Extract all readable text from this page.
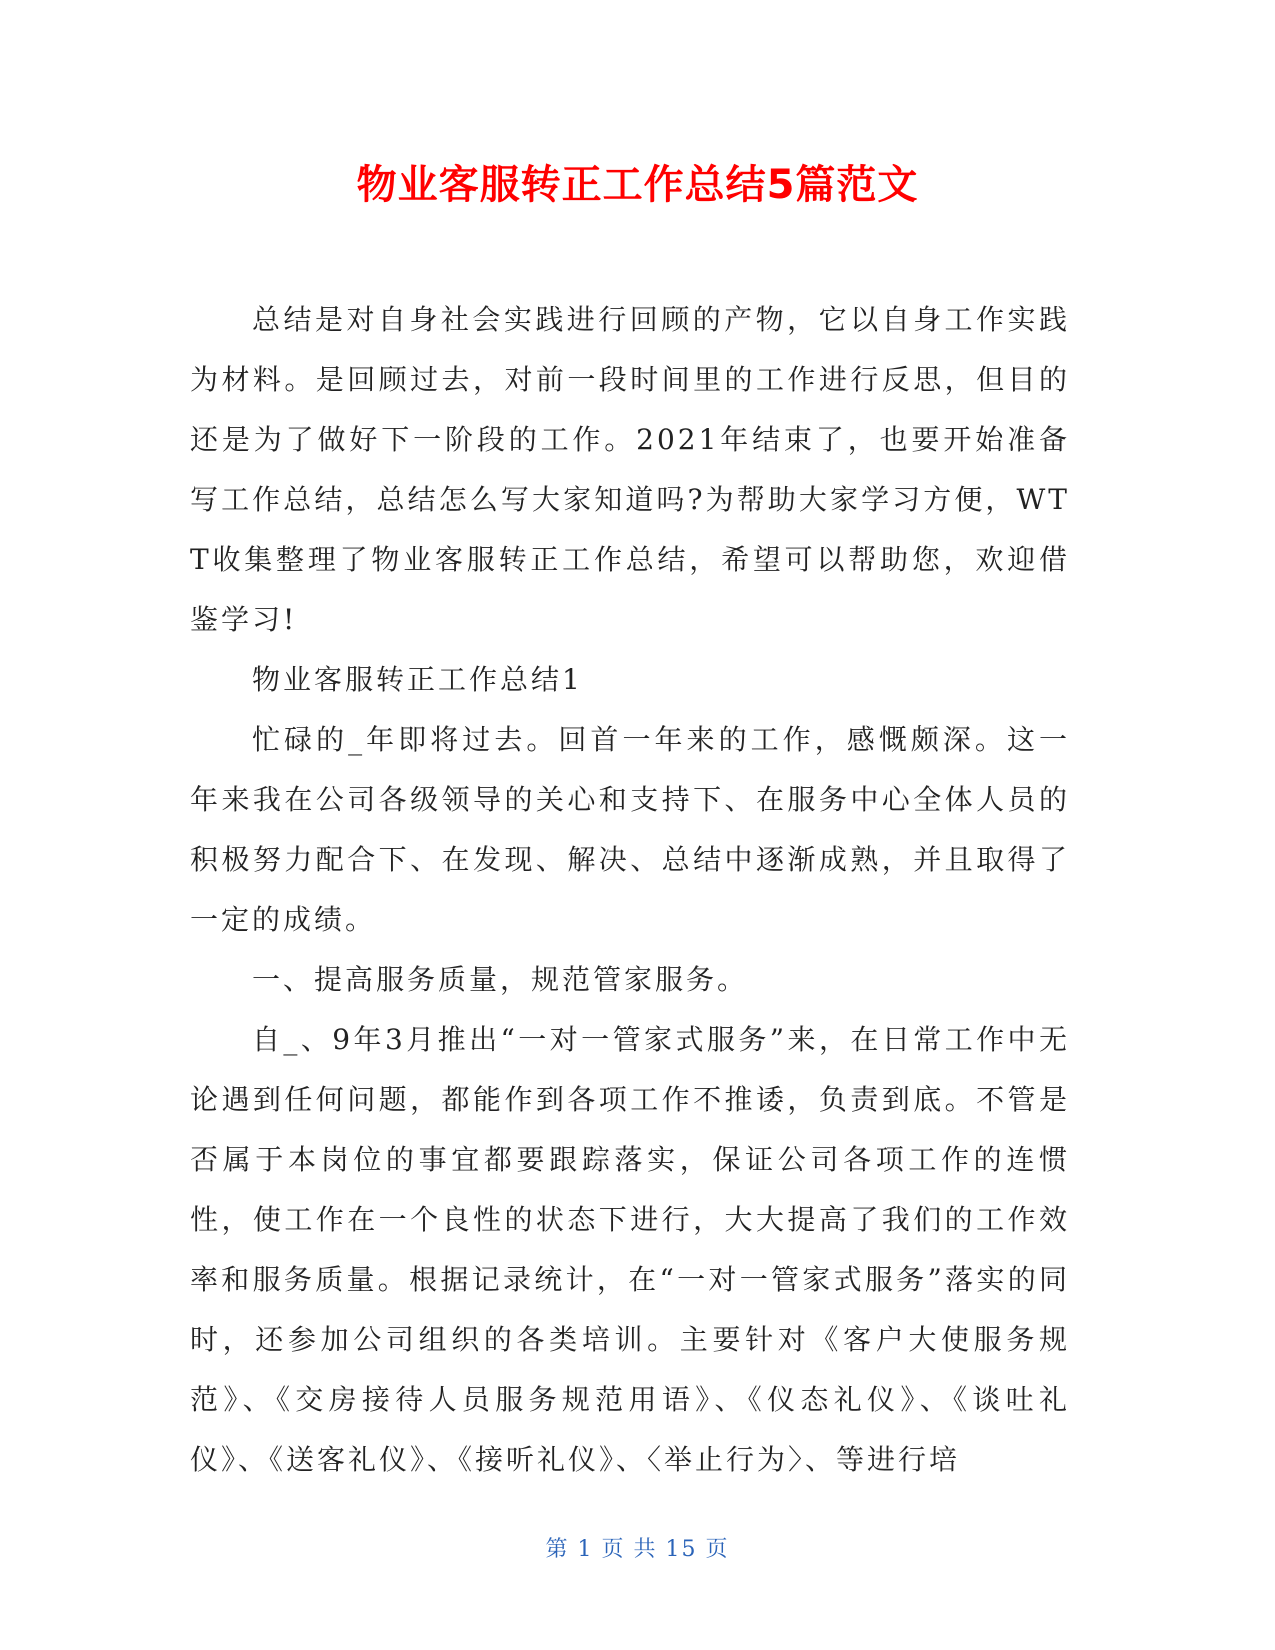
物业客服转正工作总结5篇范文

总结是对自身社会实践进行回顾的产物，它以自身工作实践为材料。是回顾过去，对前一段时间里的工作进行反思，但目的还是为了做好下一阶段的工作。2021年结束了，也要开始准备写工作总结，总结怎么写大家知道吗?为帮助大家学习方便，WTT收集整理了物业客服转正工作总结，希望可以帮助您，欢迎借鉴学习!

物业客服转正工作总结1

忙碌的_年即将过去。回首一年来的工作，感慨颇深。这一年来我在公司各级领导的关心和支持下、在服务中心全体人员的积极努力配合下、在发现、解决、总结中逐渐成熟，并且取得了一定的成绩。

一、提高服务质量，规范管家服务。

自_、9年3月推出“一对一管家式服务”来，在日常工作中无论遇到任何问题，都能作到各项工作不推诿，负责到底。不管是否属于本岗位的事宜都要跟踪落实，保证公司各项工作的连惯性，使工作在一个良性的状态下进行，大大提高了我们的工作效率和服务质量。根据记录统计，在“一对一管家式服务”落实的同时，还参加公司组织的各类培训。主要针对《客户大使服务规范》、《交房接待人员服务规范用语》、《仪态礼仪》、《谈吐礼仪》、《送客礼仪》、《接听礼仪》、〈举止行为〉、等进行培

第 1 页 共 15 页
